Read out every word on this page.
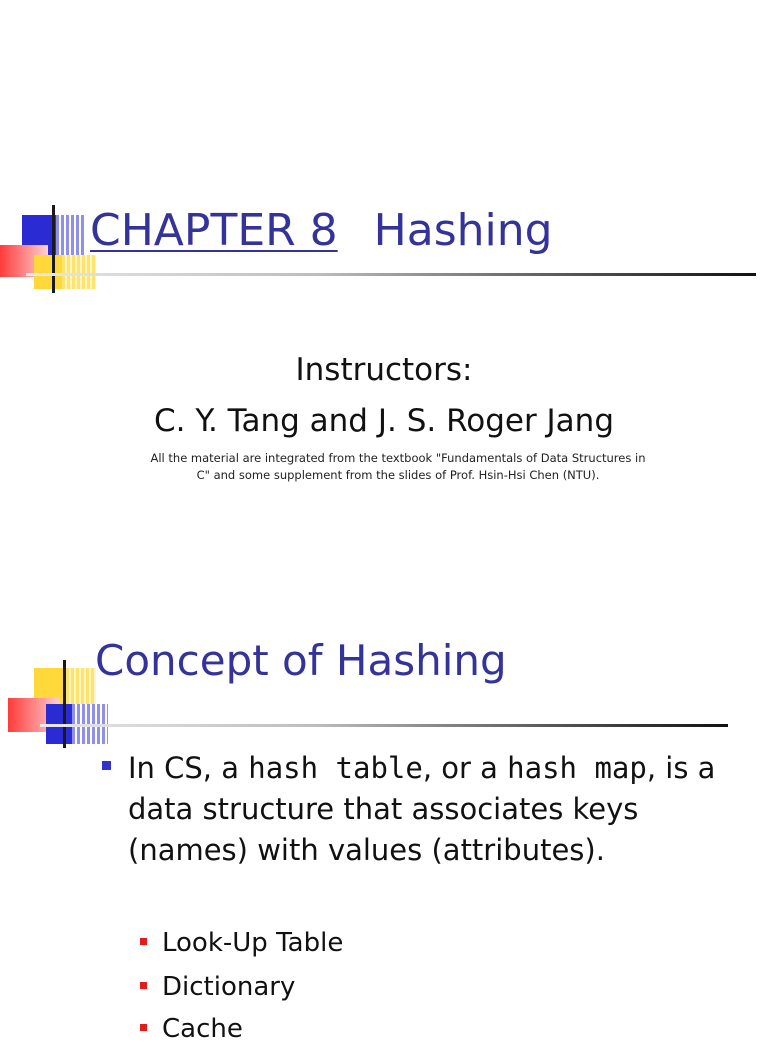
CHAPTER 8 Hashing
Instructors:
C. Y. Tang and J. S. Roger Jang
All the material are integrated from the textbook "Fundamentals of Data Structures in
C" and some supplement from the slides of Prof. Hsin-Hsi Chen (NTU).
Concept of Hashing
In CS, a hash table, or a hash map, is a data structure that associates keys (names) with values (attributes).
Look-Up Table
Dictionary
Cache
